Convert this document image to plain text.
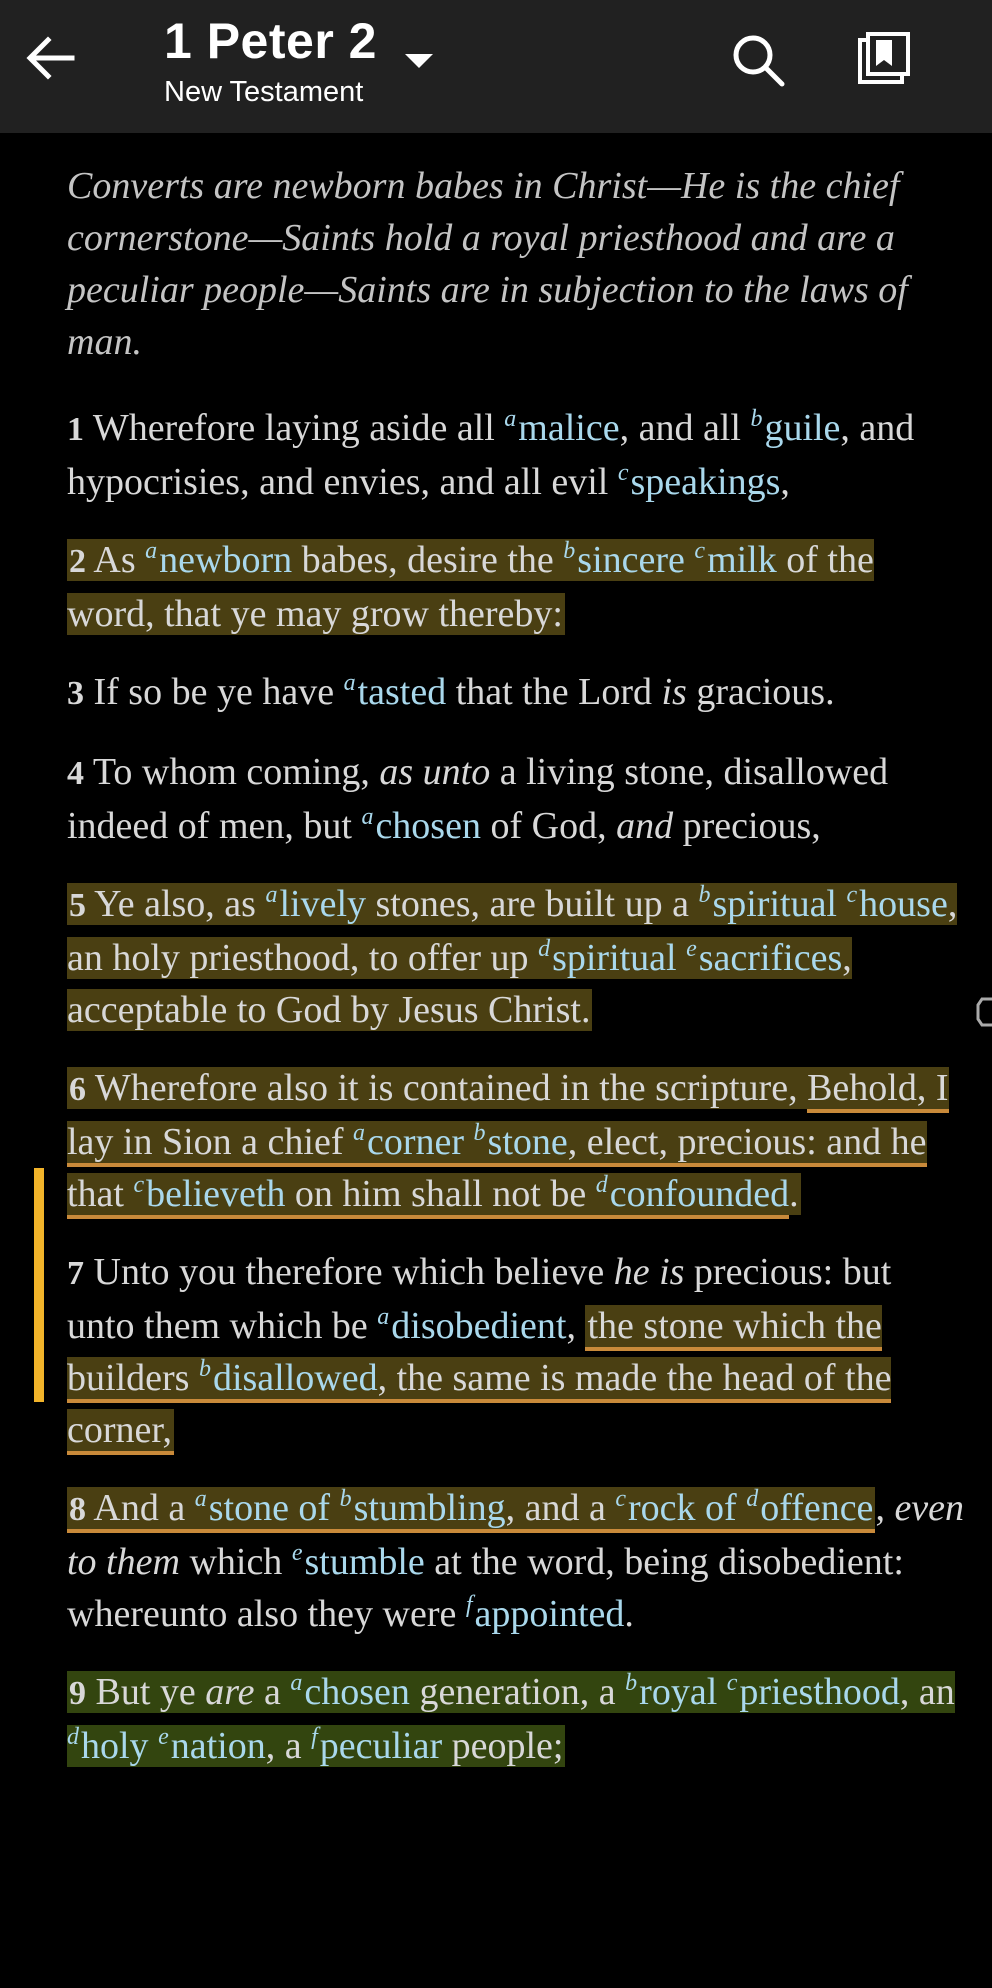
1 Peter 2
New Testament

Converts are newborn babes in Christ—He is the chief cornerstone—Saints hold a royal priesthood and are a peculiar people—Saints are in subjection to the laws of man.

1 Wherefore laying aside all $^a$malice, and all $^b$guile, and hypocrisies, and envies, and all evil $^c$speakings,

2 As $^a$newborn babes, desire the $^b$sincere $^c$milk of the word, that ye may grow thereby:

3 If so be ye have $^a$tasted that the Lord is gracious.

4 To whom coming, as unto a living stone, disallowed indeed of men, but $^a$chosen of God, and precious,

5 Ye also, as $^a$lively stones, are built up a $^b$spiritual $^c$house, an holy priesthood, to offer up $^d$spiritual $^e$sacrifices, acceptable to God by Jesus Christ.

6 Wherefore also it is contained in the scripture, Behold, I lay in Sion a chief $^a$corner $^b$stone, elect, precious: and he that $^c$believeth on him shall not be $^d$confounded.

7 Unto you therefore which believe he is precious: but unto them which be $^a$disobedient, the stone which the builders $^b$disallowed, the same is made the head of the corner,

8 And a $^a$stone of $^b$stumbling, and a $^c$rock of $^d$offence, even to them which $^e$stumble at the word, being disobedient: whereunto also they were $^f$appointed.

9 But ye are a $^a$chosen generation, a $^b$royal $^c$priesthood, an $^d$holy $^e$nation, a $^f$peculiar people;
